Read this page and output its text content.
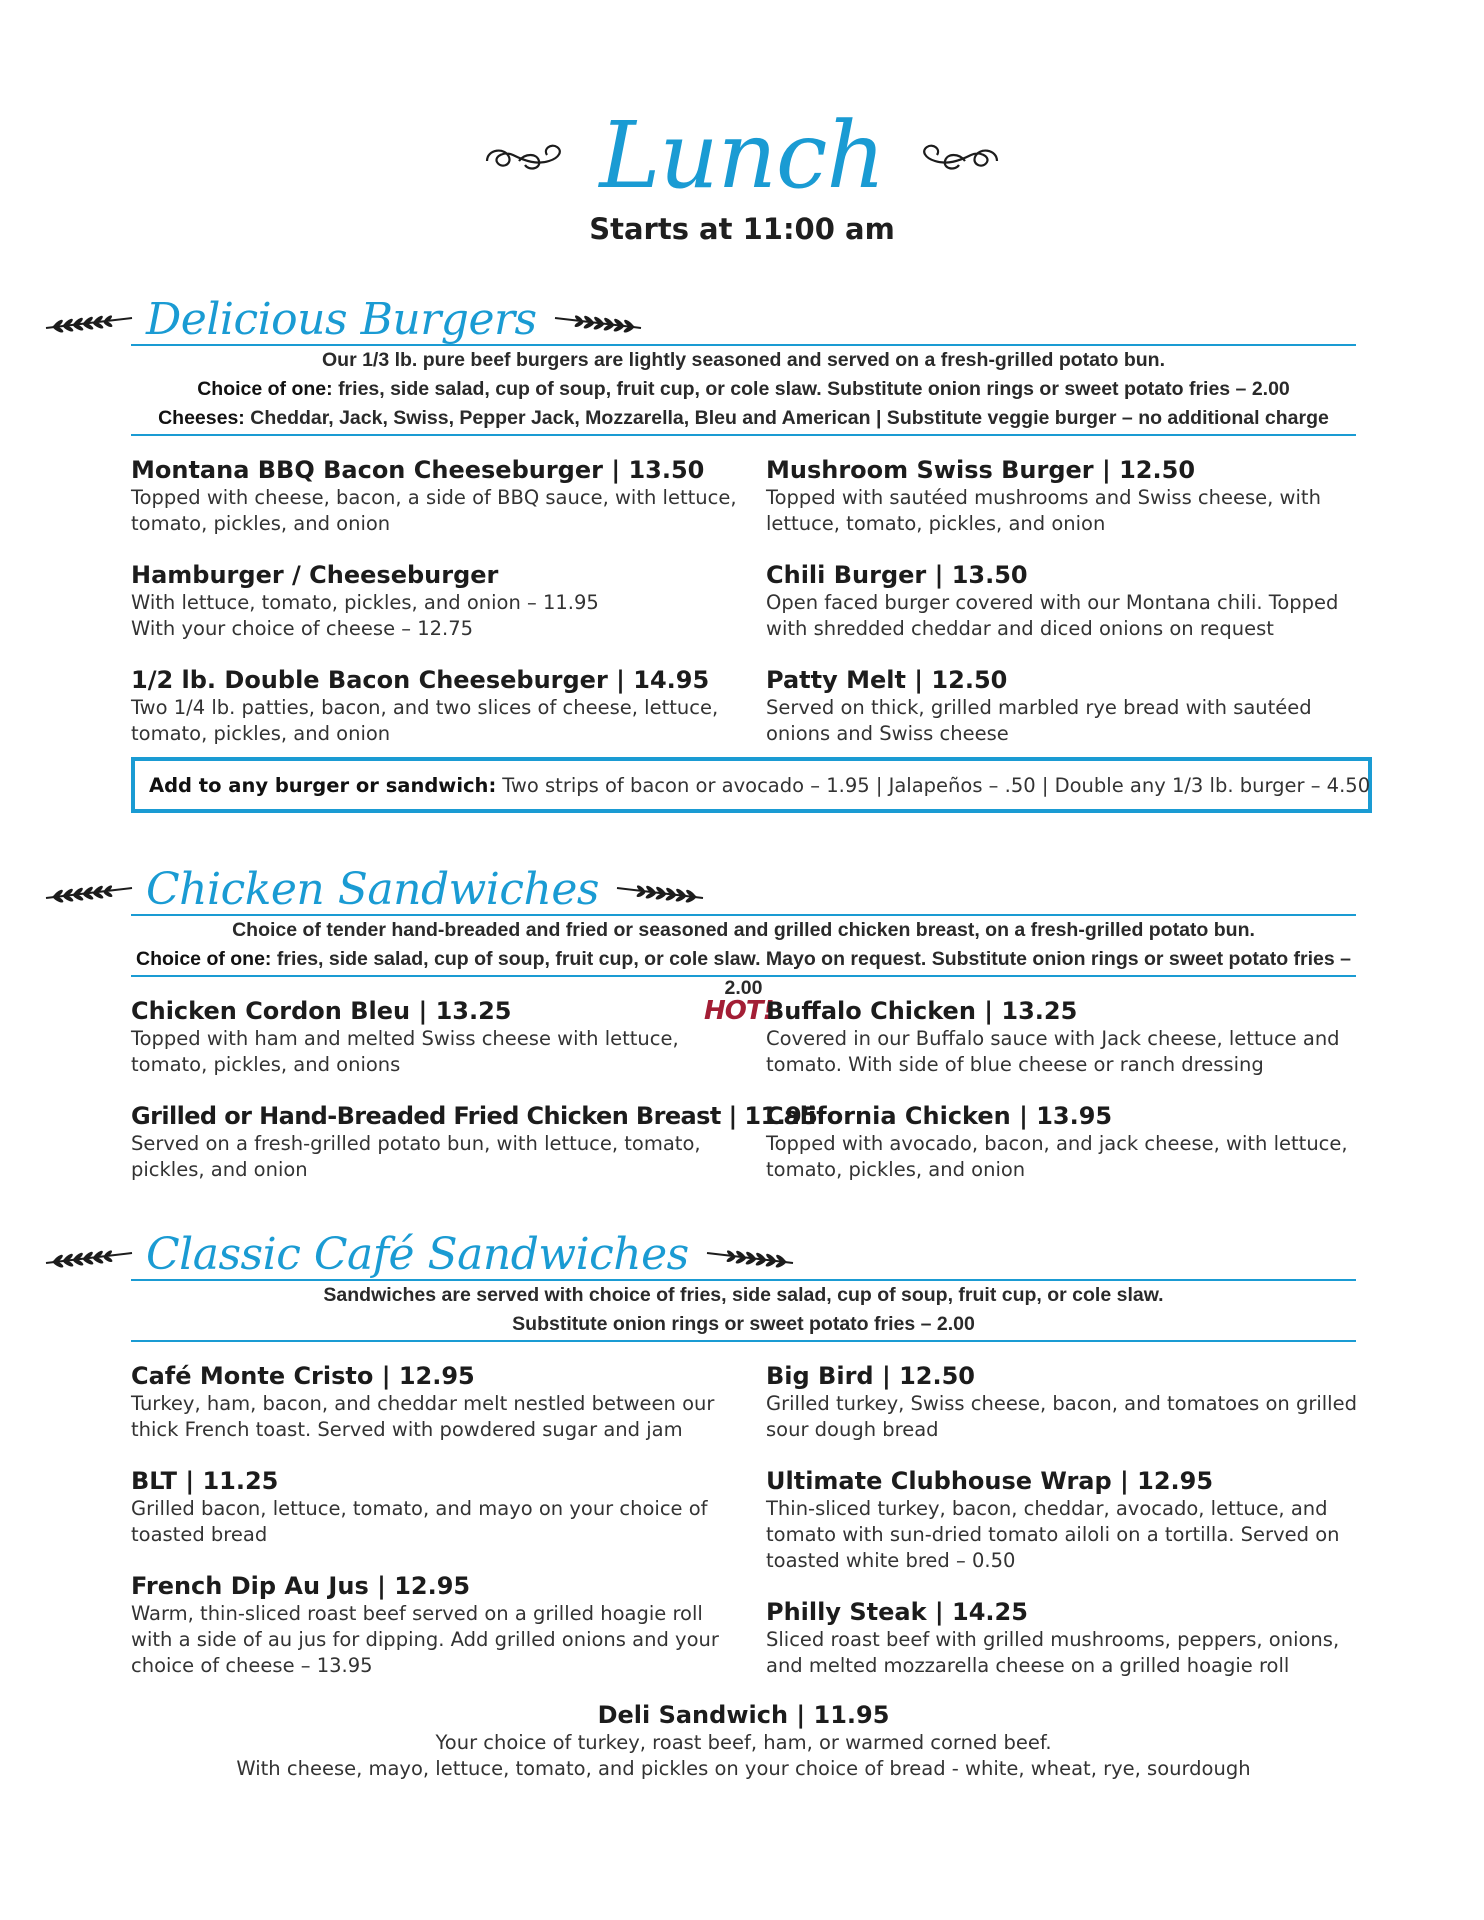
Lunch
Starts at 11:00 am
Delicious Burgers
Our 1/3 lb. pure beef burgers are lightly seasoned and served on a fresh-grilled potato bun.
Choice of one: fries, side salad, cup of soup, fruit cup, or cole slaw. Substitute onion rings or sweet potato fries – 2.00
Cheeses: Cheddar, Jack, Swiss, Pepper Jack, Mozzarella, Bleu and American | Substitute veggie burger – no additional charge
Montana BBQ Bacon Cheeseburger | 13.50
Topped with cheese, bacon, a side of BBQ sauce, with lettuce,
tomato, pickles, and onion
Mushroom Swiss Burger | 12.50
Topped with sautéed mushrooms and Swiss cheese, with
lettuce, tomato, pickles, and onion
Hamburger / Cheeseburger
With lettuce, tomato, pickles, and onion – 11.95
With your choice of cheese – 12.75
Chili Burger | 13.50
Open faced burger covered with our Montana chili. Topped
with shredded cheddar and diced onions on request
1/2 lb. Double Bacon Cheeseburger | 14.95
Two 1/4 lb. patties, bacon, and two slices of cheese, lettuce,
tomato, pickles, and onion
Patty Melt | 12.50
Served on thick, grilled marbled rye bread with sautéed
onions and Swiss cheese
Add to any burger or sandwich: Two strips of bacon or avocado – 1.95 | Jalapeños – .50 | Double any 1/3 lb. burger – 4.50
Chicken Sandwiches
Choice of tender hand-breaded and fried or seasoned and grilled chicken breast, on a fresh-grilled potato bun.
Choice of one: fries, side salad, cup of soup, fruit cup, or cole slaw. Mayo on request. Substitute onion rings or sweet potato fries – 2.00
Chicken Cordon Bleu | 13.25
Topped with ham and melted Swiss cheese with lettuce,
tomato, pickles, and onions
HOT!
Buffalo Chicken | 13.25
Covered in our Buffalo sauce with Jack cheese, lettuce and
tomato. With side of blue cheese or ranch dressing
Grilled or Hand-Breaded Fried Chicken Breast | 11.95
Served on a fresh-grilled potato bun, with lettuce, tomato,
pickles, and onion
California Chicken | 13.95
Topped with avocado, bacon, and jack cheese, with lettuce,
tomato, pickles, and onion
Classic Café Sandwiches
Sandwiches are served with choice of fries, side salad, cup of soup, fruit cup, or cole slaw.
Substitute onion rings or sweet potato fries – 2.00
Café Monte Cristo | 12.95
Turkey, ham, bacon, and cheddar melt nestled between our
thick French toast. Served with powdered sugar and jam
Big Bird | 12.50
Grilled turkey, Swiss cheese, bacon, and tomatoes on grilled
sour dough bread
BLT | 11.25
Grilled bacon, lettuce, tomato, and mayo on your choice of
toasted bread
Ultimate Clubhouse Wrap | 12.95
Thin-sliced turkey, bacon, cheddar, avocado, lettuce, and
tomato with sun-dried tomato ailoli on a tortilla. Served on
toasted white bred – 0.50
French Dip Au Jus | 12.95
Warm, thin-sliced roast beef served on a grilled hoagie roll
with a side of au jus for dipping. Add grilled onions and your
choice of cheese – 13.95
Philly Steak | 14.25
Sliced roast beef with grilled mushrooms, peppers, onions,
and melted mozzarella cheese on a grilled hoagie roll
Deli Sandwich | 11.95
Your choice of turkey, roast beef, ham, or warmed corned beef.
With cheese, mayo, lettuce, tomato, and pickles on your choice of bread - white, wheat, rye, sourdough
